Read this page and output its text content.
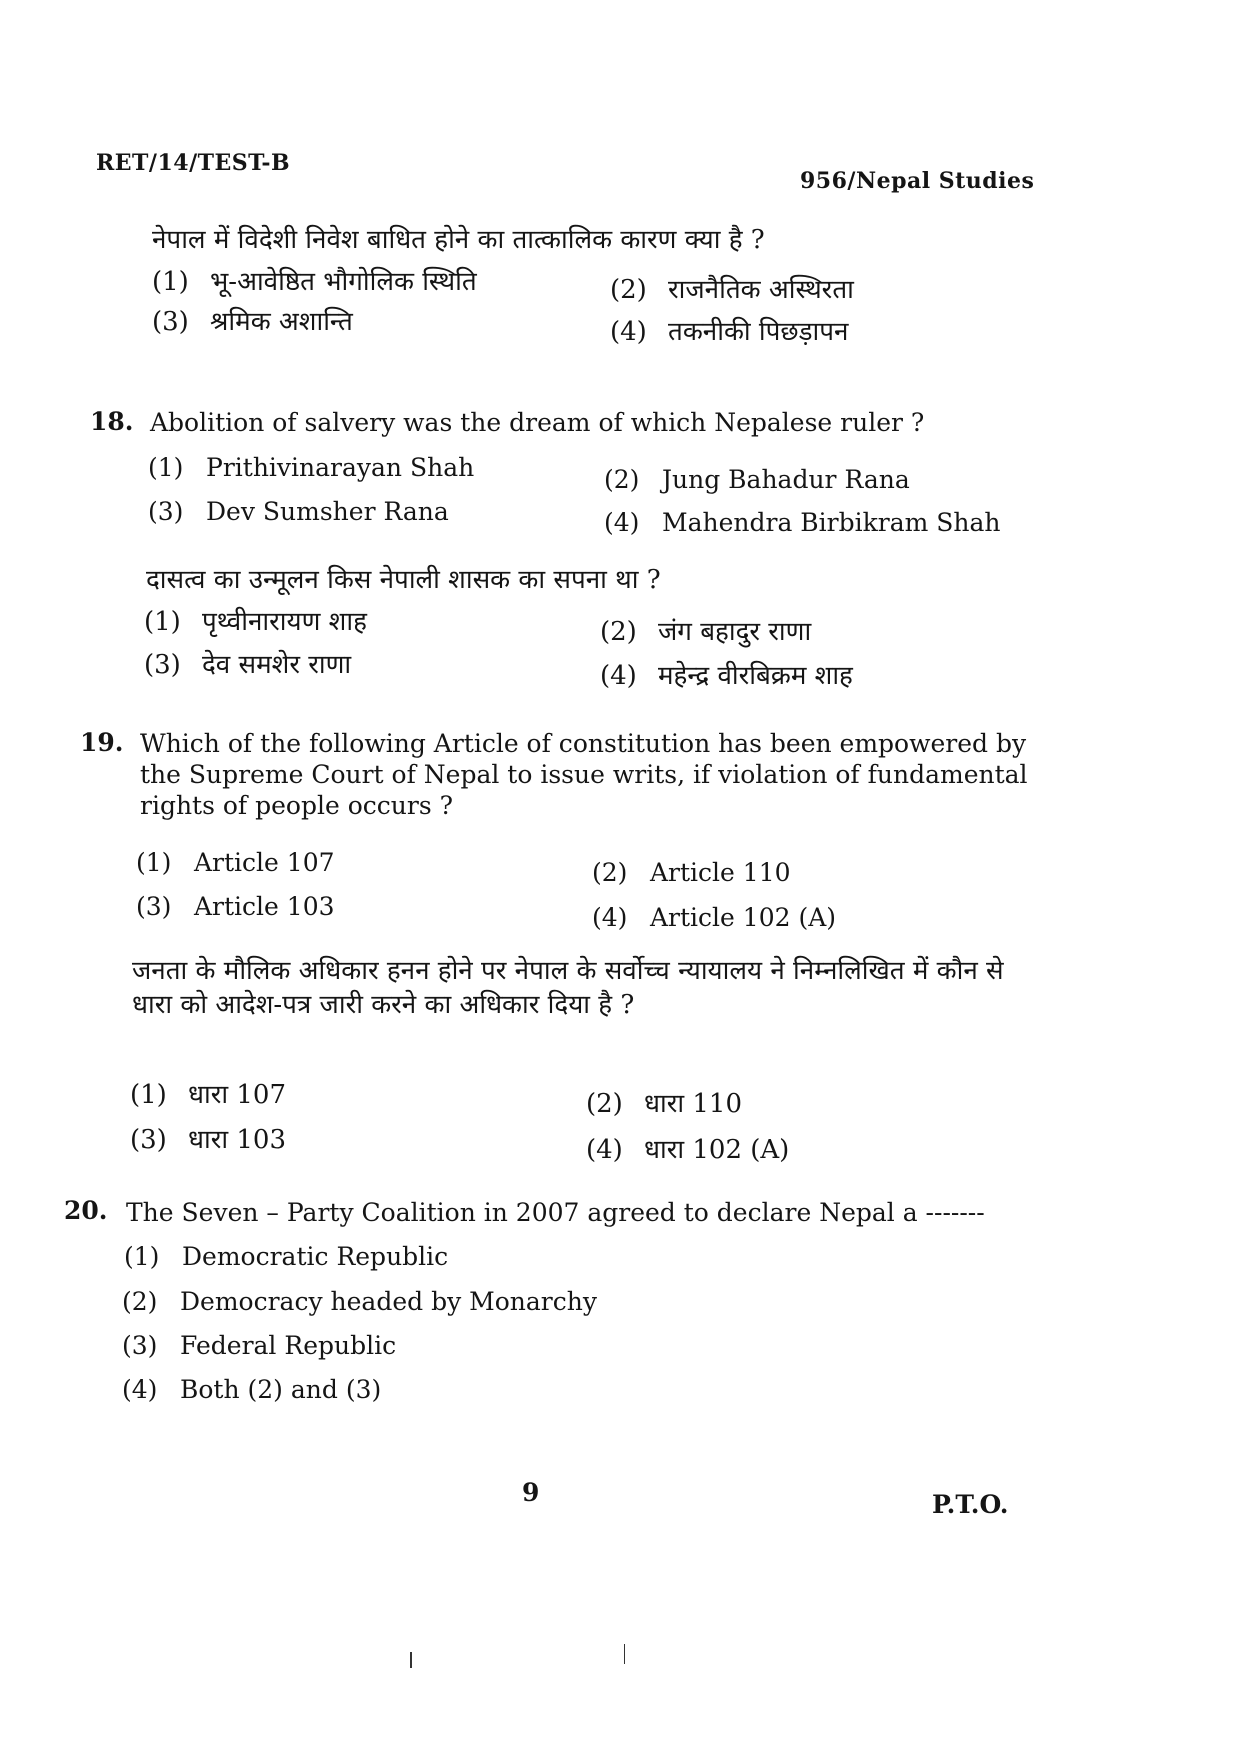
RET/14/TEST-B
956/Nepal Studies
नेपाल में विदेशी निवेश बाधित होने का तात्कालिक कारण क्या है ?
(1) भू-आवेष्ठित भौगोलिक स्थिति	(2) राजनैतिक अस्थिरता
(3) श्रमिक अशान्ति	(4) तकनीकी पिछड़ापन
18. Abolition of salvery was the dream of which Nepalese ruler ?
(1) Prithivinarayan Shah	(2) Jung Bahadur Rana
(3) Dev Sumsher Rana	(4) Mahendra Birbikram Shah
दासत्व का उन्मूलन किस नेपाली शासक का सपना था ?
(1) पृथ्वीनारायण शाह	(2) जंग बहादुर राणा
(3) देव समशेर राणा	(4) महेन्द्र वीरबिक्रम शाह
19. Which of the following Article of constitution has been empowered by the Supreme Court of Nepal to issue writs, if violation of fundamental rights of people occurs ?
(1) Article 107	(2) Article 110
(3) Article 103	(4) Article 102 (A)
जनता के मौलिक अधिकार हनन होने पर नेपाल के सर्वोच्च न्यायालय ने निम्नलिखित में कौन से धारा को आदेश-पत्र जारी करने का अधिकार दिया है ?
(1) धारा 107	(2) धारा 110
(3) धारा 103	(4) धारा 102 (A)
20. The Seven – Party Coalition in 2007 agreed to declare Nepal a -------
(1) Democratic Republic
(2) Democracy headed by Monarchy
(3) Federal Republic
(4) Both (2) and (3)
9	P.T.O.
